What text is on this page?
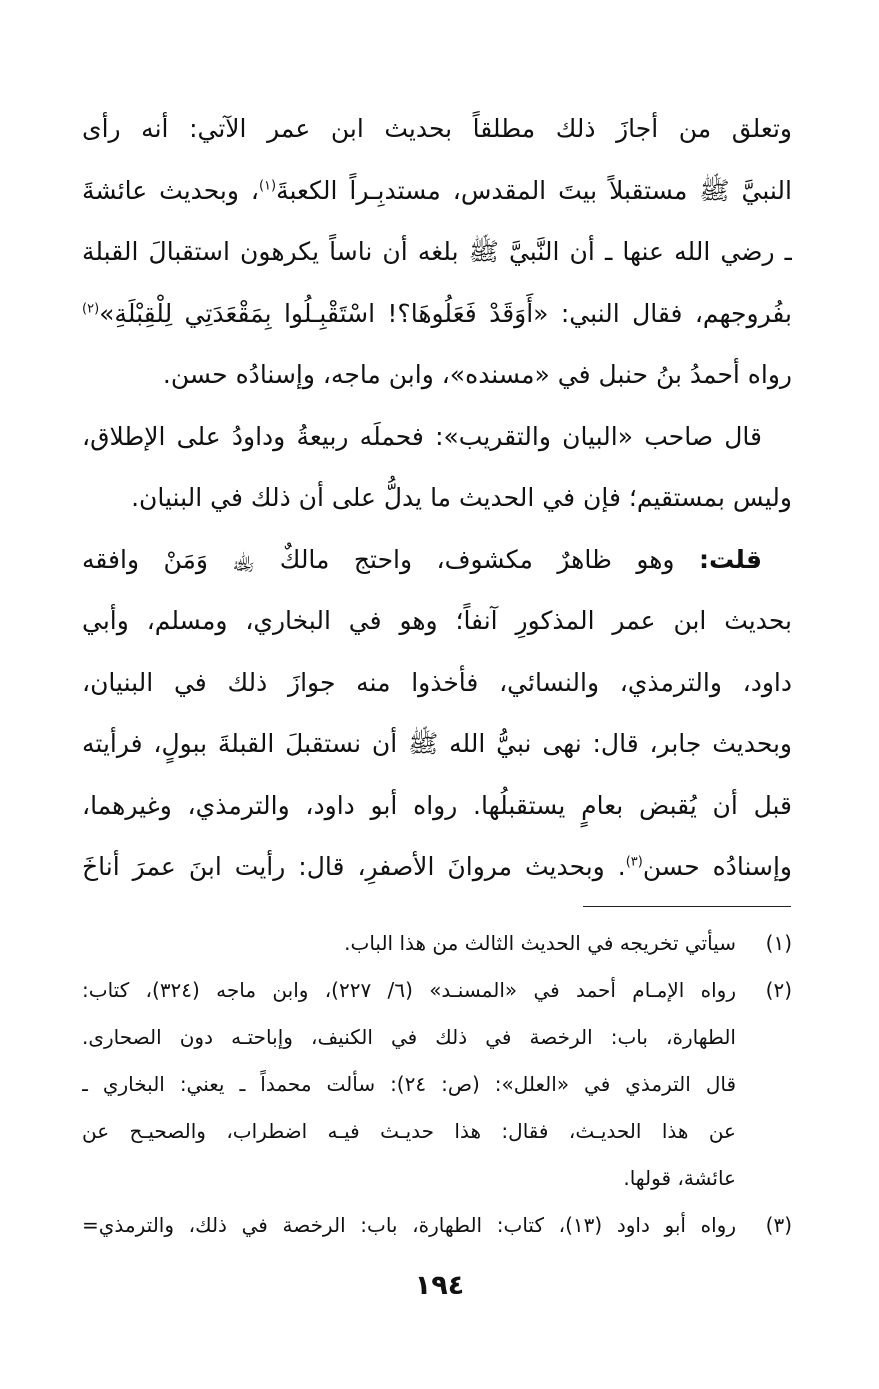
وتعلق من أجازَ ذلك مطلقاً بحديث ابن عمر الآتي: أنه رأى
النبيَّ ﷺ مستقبلاً بيتَ المقدس، مستدبِـراً الكعبةَ$^{(١)}$، وبحديث عائشةَ
ـ رضي الله عنها ـ أن النَّبيَّ ﷺ بلغه أن ناساً يكرهون استقبالَ القبلة
بفُروجهم، فقال النبي: «أَوَقَدْ فَعَلُوهَا؟! اسْتَقْبِـلُوا بِمَقْعَدَتِي لِلْقِبْلَةِ»$^{(٢)}$
رواه أحمدُ بنُ حنبل في «مسنده»، وابن ماجه، وإسنادُه حسن.
قال صاحب «البيان والتقريب»: فحملَه ربيعةُ وداودُ على الإطلاق،
وليس بمستقيم؛ فإن في الحديث ما يدلُّ على أن ذلك في البنيان.
قلت: وهو ظاهرٌ مكشوف، واحتج مالكٌ ﵀ وَمَنْ وافقه
بحديث ابن عمر المذكورِ آنفاً؛ وهو في البخاري، ومسلم، وأبي
داود، والترمذي، والنسائي، فأخذوا منه جوازَ ذلك في البنيان،
وبحديث جابر، قال: نهى نبيُّ الله ﷺ أن نستقبلَ القبلةَ ببولٍ، فرأيته
قبل أن يُقبض بعامٍ يستقبلُها. رواه أبو داود، والترمذي، وغيرهما،
وإسنادُه حسن$^{(٣)}$. وبحديث مروانَ الأصفرِ، قال: رأيت ابنَ عمرَ أناخَ
(١)سيأتي تخريجه في الحديث الثالث من هذا الباب.
(٢)رواه الإمـام أحمد في «المسنـد» (٦/ ٢٢٧)، وابن ماجه (٣٢٤)، كتاب:
الطهارة، باب: الرخصة في ذلك في الكنيف، وإباحتـه دون الصحارى.
قال الترمذي في «العلل»: (ص: ٢٤): سألت محمداً ـ يعني: البخاري ـ
عن هذا الحديـث، فقال: هذا حديـث فيـه اضطراب، والصحيـح عن
عائشة، قولها.
(٣)رواه أبو داود (١٣)، كتاب: الطهارة، باب: الرخصة في ذلك، والترمذي=
١٩٤
